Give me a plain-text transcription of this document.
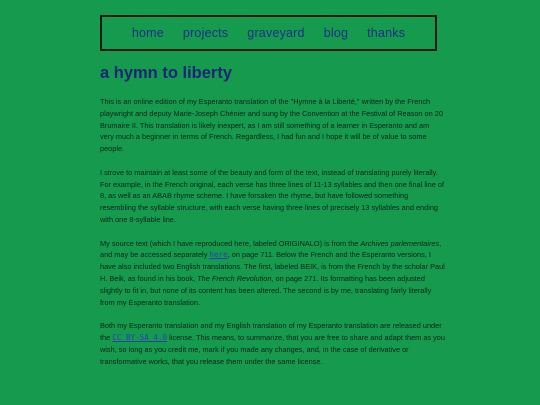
home projects graveyard blog thanks
a hymn to liberty

This is an online edition of my Esperanto translation of the "Hymne à la Liberté," written by the French playwright and deputy Marie-Joseph Chénier and sung by the Convention at the Festival of Reason on 20 Brumaire II. This translation is likely inexpert, as I am still something of a learner in Esperanto and am very much a beginner in terms of French. Regardless, I had fun and I hope it will be of value to some people.

I strove to maintain at least some of the beauty and form of the text, instead of translating purely literally. For example, in the French original, each verse has three lines of 11-13 syllables and then one final line of 8, as well as an ABAB rhyme scheme. I have forsaken the rhyme, but have followed something resembling the syllable structure, with each verse having three lines of precisely 13 syllables and ending with one 8-syllable line.

My source text (which I have reproduced here, labeled ORIGINALO) is from the Archives parlementaires, and may be accessed separately here, on page 711. Below the French and the Esperanto versions, I have also included two English translations. The first, labeled BEIK, is from the French by the scholar Paul H. Beik, as found in his book, The French Revolution, on page 271. Its formatting has been adjusted slightly to fit in, but none of its content has been altered. The second is by me, translating fairly literally from my Esperanto translation.

Both my Esperanto translation and my English translation of my Esperanto translation are released under the CC BY-SA 4.0 license. This means, to summarize, that you are free to share and adapt them as you wish, so long as you credit me, mark if you made any changes, and, in the case of derivative or transformative works, that you release them under the same license.
